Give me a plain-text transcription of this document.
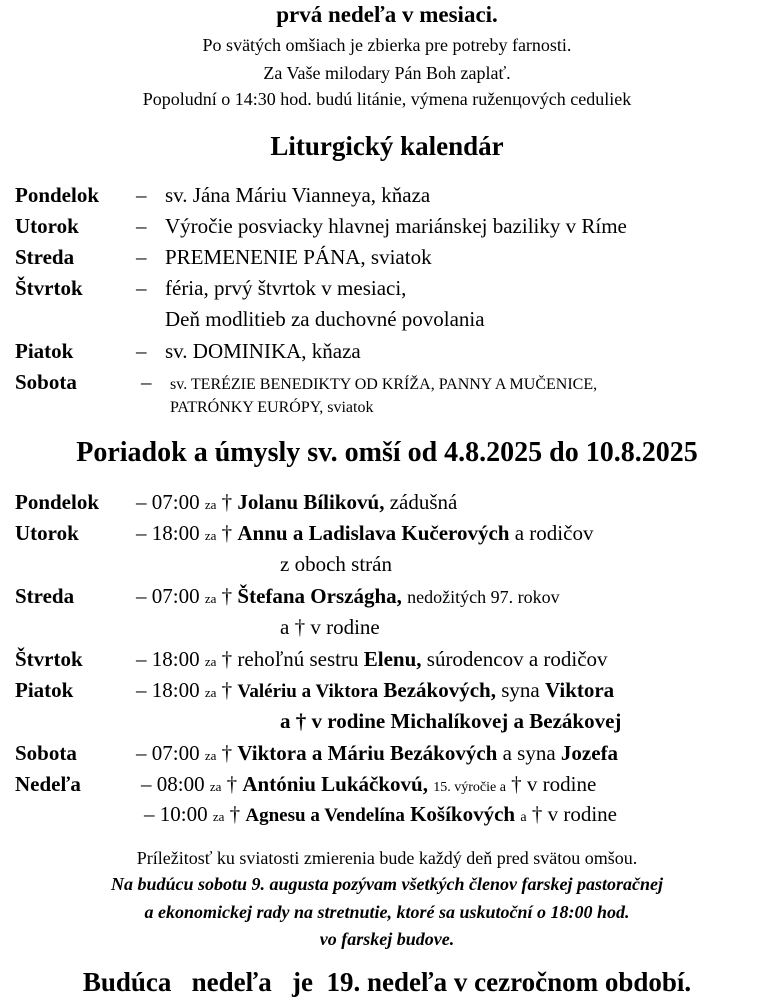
prvá nedeľa v mesiaci.
Po svätých omšiach je zbierka pre potreby farnosti.
Za Vaše milodary Pán Boh zaplať.
Popoludní o 14:30 hod. budú litánie, výmena ruženцových ceduliek
Liturgický kalendár
Pondelok – sv. Jána Máriu Vianneya, kňaza
Utorok	– Výročie posviacky hlavnej mariánskej baziliky v Ríme
Streda	– PREMENENIE PÁNA, sviatok
Štvrtok	– féria, prvý štvrtok v mesiaci,
Deň modlitieb za duchovné povolania
Piatok	– sv. DOMINIKA, kňaza
Sobota	– sv. TERÉZIE BENEDIKTY OD KRÍŽA, PANNY A MUČENICE,
PATRÓNKY EURÓPY, sviatok
Poriadok a úmysly sv. omší od 4.8.2025 do 10.8.2025
Pondelok – 07:00 za † Jolanu Bílikovú, zádušná
Utorok	– 18:00 za † Annu a Ladislava Kučerových a rodičov
z oboch strán
Streda	– 07:00 za † Štefana Országha, nedožitých 97. rokov
a † v rodine
Štvrtok	– 18:00 za † rehoľnú sestru Elenu, súrodencov a rodičov
Piatok	– 18:00 za † Valériu a Viktora Bezákových, syna Viktora
a † v rodine Michalíkovej a Bezákovej
Sobota	– 07:00 za † Viktora a Máriu Bezákových a syna Jozefa
Nedeľa	– 08:00 za † Antóniu Lukáčkovú, 15. výročie a † v rodine
– 10:00 za † Agnesu a Vendelína Košíkových a † v rodine
Príležitosť ku sviatosti zmierenia bude každý deň pred svätou omšou.
Na budúcu sobotu 9. augusta pozývam všetkých členov farskej pastoračnej
a ekonomickej rady na stretnutie, ktoré sa uskutoční o 18:00 hod.
vo farskej budove.
Budúca   nedeľa   je  19. nedeľa v cezročnom období.
